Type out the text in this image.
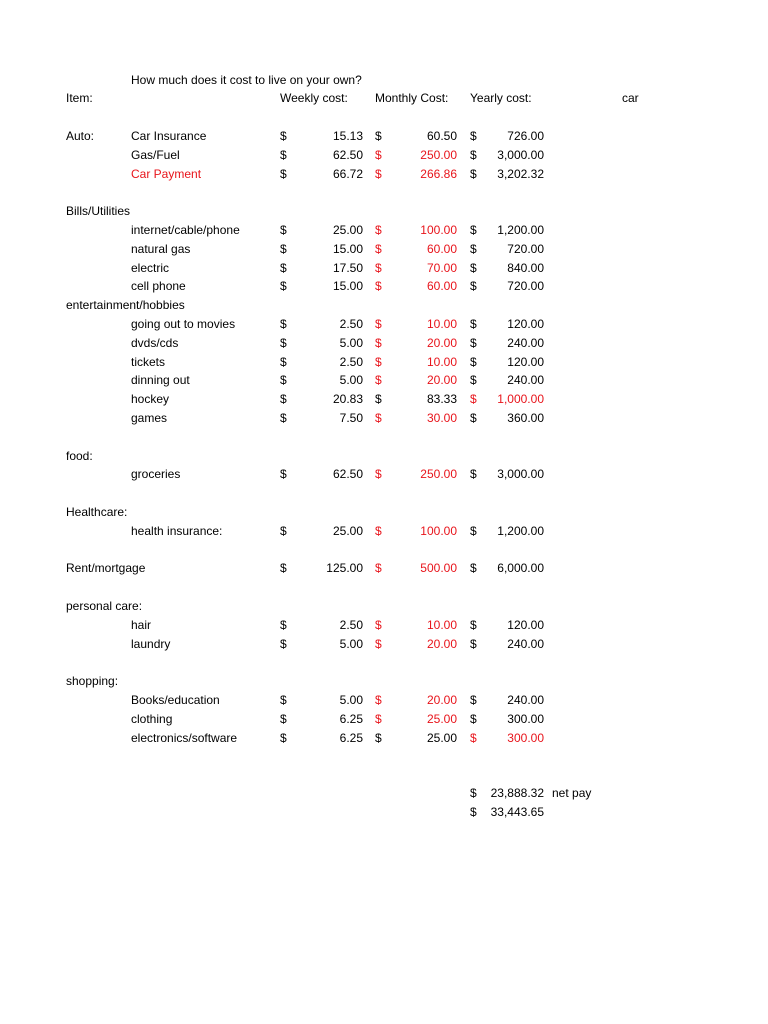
How much does it cost to live on your own?
Item:	Weekly cost: Monthly Cost: Yearly cost:	car
Auto:	Car Insurance	$	15.13 $	60.50 $	726.00
Gas/Fuel	$	62.50 $	250.00 $ 3,000.00
Car Payment	$	66.72 $	266.86 $ 3,202.32
Bills/Utilities
internet/cable/phone	$	25.00 $	100.00 $ 1,200.00
natural gas	$	15.00 $	60.00 $	720.00
electric	$	17.50 $	70.00 $	840.00
cell phone	$	15.00 $	60.00 $	720.00
entertainment/hobbies
going out to movies	$	2.50 $	10.00 $	120.00
dvds/cds	$	5.00 $	20.00 $	240.00
tickets	$	2.50 $	10.00 $	120.00
dinning out	$	5.00 $	20.00 $	240.00
hockey	$	20.83 $	83.33 $ 1,000.00
games	$	7.50 $	30.00 $	360.00
food:
groceries	$	62.50 $	250.00 $ 3,000.00
Healthcare:
health insurance:	$	25.00 $	100.00 $ 1,200.00
Rent/mortgage	$	125.00 $	500.00 $ 6,000.00
personal care:
hair	$	2.50 $	10.00 $	120.00
laundry	$	5.00 $	20.00 $	240.00
shopping:
Books/education	$	5.00 $	20.00 $	240.00
clothing	$	6.25 $	25.00 $	300.00
electronics/software	$	6.25 $	25.00 $	300.00
$ 23,888.32 net pay
$ 33,443.65
